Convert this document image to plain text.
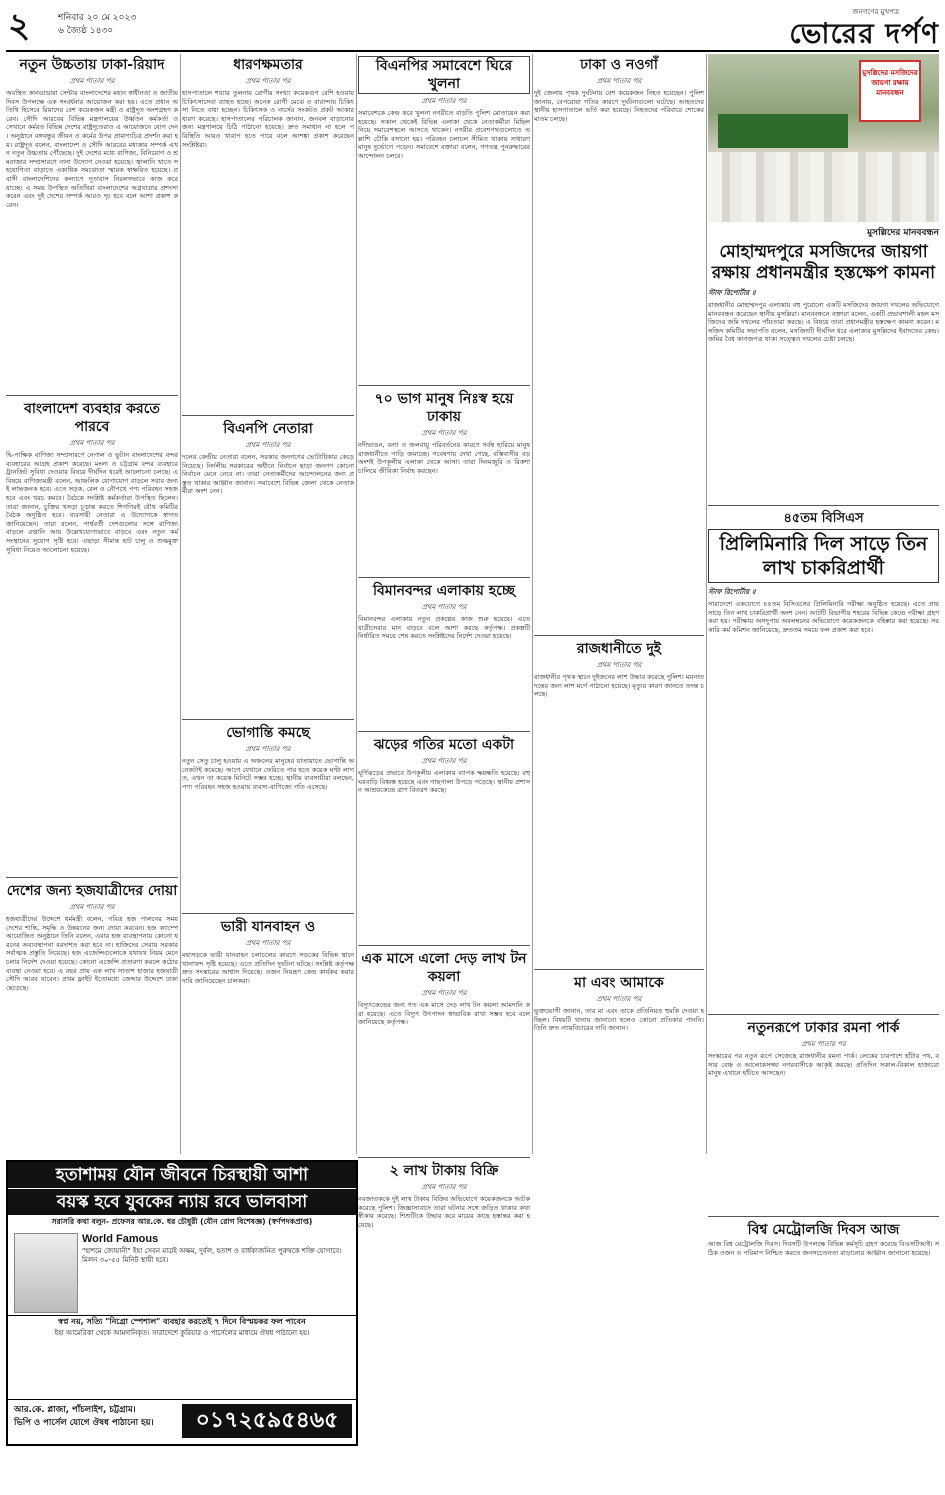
২	শনিবার ২০ মে ২০২৩
৬ জ্যৈষ্ঠ ১৪৩০
জনগণের মুখপত্র
ভোরের দর্পণ
নতুন উচ্চতায় ঢাকা-রিয়াদ
প্রথম পাতার পর
অবস্থিত কানডাডারা সেন্টার বাংলাদেশের মহান স্বাধীনতা ও জাতীয় দিবস উপলক্ষে এক সংবর্ধনার আয়োজন করা হয়। এতে প্রধান অতিথি হিসেবে রিয়াদের বেশ কয়েকজন মন্ত্রী ও রাষ্ট্রদূত অংশগ্রহণ করেন। সৌদি আরবের বিভিন্ন মন্ত্রণালয়ের উর্ধ্বতন কর্মকর্তা ও সেখানে কর্মরত বিভিন্ন দেশের রাষ্ট্রদূতেরাও এ আয়োজনে যোগ দেন। অনুষ্ঠানে বঙ্গবন্ধুর জীবন ও কর্মের উপর প্রামাণ্যচিত্র প্রদর্শন করা হয়। রাষ্ট্রদূত বলেন, বাংলাদেশ ও সৌদি আরবের মধ্যকার সম্পর্ক এখন নতুন উচ্চতায় পৌঁছেছে। দুই দেশের মধ্যে বাণিজ্য, বিনিয়োগ ও শ্রমবাজার সম্প্রসারণে নানা উদ্যোগ নেওয়া হয়েছে। জ্বালানি খাতে সহযোগিতা বাড়াতে একাধিক সমঝোতা স্মারক স্বাক্ষরিত হয়েছে। প্রবাসী বাংলাদেশিদের কল্যাণে দূতাবাস নিরলসভাবে কাজ করে যাচ্ছে। এ সময় উপস্থিত অতিথিরা বাংলাদেশের অগ্রযাত্রার প্রশংসা করেন এবং দুই দেশের সম্পর্ক আরও দৃঢ় হবে বলে আশা প্রকাশ করেন।
বাংলাদেশ ব্যবহার করতে পারবে
প্রথম পাতার পর
দ্বি-পাক্ষিক বাণিজ্য সম্প্রসারণে নেপাল ও ভুটান বাংলাদেশের বন্দর ব্যবহারের আগ্রহ প্রকাশ করেছে। মংলা ও চট্টগ্রাম বন্দর ব্যবহারে ট্রানজিট সুবিধা দেওয়ার বিষয়ে দীর্ঘদিন ধরেই আলোচনা চলছে। এ বিষয়ে বাণিজ্যমন্ত্রী বলেন, আঞ্চলিক যোগাযোগ বাড়লে সবার জন্যই লাভজনক হবে। এতে সড়ক, রেল ও নৌপথে পণ্য পরিবহন সহজ হবে এবং খরচ কমবে। বৈঠকে সংশ্লিষ্ট কর্মকর্তারা উপস্থিত ছিলেন। তারা জানান, চুক্তির খসড়া চূড়ান্ত করতে শিগগিরই যৌথ কমিটির বৈঠক অনুষ্ঠিত হবে। ব্যবসায়ী নেতারা এ উদ্যোগকে স্বাগত জানিয়েছেন। তারা বলেন, পার্শ্ববর্তী দেশগুলোর সঙ্গে বাণিজ্য বাড়লে রপ্তানি আয় উল্লেখযোগ্যভাবে বাড়বে এবং নতুন কর্মসংস্থানের সুযোগ সৃষ্টি হবে। এছাড়া সীমান্ত হাট চালু ও শুল্কমুক্ত সুবিধা নিয়েও আলোচনা হয়েছে।
দেশের জন্য হজযাত্রীদের দোয়া
প্রথম পাতার পর
হজযাত্রীদের উদ্দেশে ধর্মমন্ত্রী বলেন, পবিত্র হজ পালনের সময় দেশের শান্তি, সমৃদ্ধি ও উন্নয়নের জন্য দোয়া করবেন। হজ ক্যাম্পে আয়োজিত অনুষ্ঠানে তিনি বলেন, এবার হজ ব্যবস্থাপনায় কোনো ধরনের অব্যবস্থাপনা বরদাশত করা হবে না। হাজিদের সেবায় সরকার সর্বাত্মক প্রস্তুতি নিয়েছে। হজ এজেন্সিগুলোকে যথাযথ নিয়ম মেনে চলার নির্দেশ দেওয়া হয়েছে। কোনো এজেন্সি প্রতারণা করলে কঠোর ব্যবস্থা নেওয়া হবে। এ বছর প্রায় এক লাখ সাতাশ হাজার হজযাত্রী সৌদি আরব যাবেন। প্রথম ফ্লাইট ইতোমধ্যে জেদ্দার উদ্দেশে ঢাকা ছেড়েছে।
ধারণক্ষমতার
প্রথম পাতার পর
হাসপাতালে শয্যার তুলনায় রোগীর সংখ্যা কয়েকগুণ বেশি হওয়ায় চিকিৎসাসেবা ব্যাহত হচ্ছে। অনেক রোগী মেঝে ও বারান্দায় চিকিৎসা নিতে বাধ্য হচ্ছেন। চিকিৎসক ও নার্সের সংকটও প্রকট আকার ধারণ করেছে। হাসপাতালের পরিচালক জানান, জনবল বাড়ানোর জন্য মন্ত্রণালয়ে চিঠি পাঠানো হয়েছে। দ্রুত সমাধান না হলে পরিস্থিতি আরও খারাপ হতে পারে বলে আশঙ্কা প্রকাশ করেছেন সংশ্লিষ্টরা।
বিএনপি নেতারা
প্রথম পাতার পর
দলের কেন্দ্রীয় নেতারা বলেন, সরকার জনগণের ভোটাধিকার কেড়ে নিয়েছে। নির্দলীয় সরকারের অধীনে নির্বাচন ছাড়া জনগণ কোনো নির্বাচন মেনে নেবে না। তারা নেতাকর্মীদের আন্দোলনের জন্য প্রস্তুত থাকার আহ্বান জানান। সমাবেশে বিভিন্ন জেলা থেকে নেতাকর্মীরা অংশ নেন।
ভোগান্তি কমছে
প্রথম পাতার পর
নতুন সেতু চালু হওয়ায় এ অঞ্চলের মানুষের যাতায়াতে ভোগান্তি অনেকটাই কমেছে। আগে যেখানে ফেরিতে পার হতে কয়েক ঘণ্টা লাগত, এখন তা কয়েক মিনিটে সম্ভব হচ্ছে। স্থানীয় ব্যবসায়ীরা বলছেন, পণ্য পরিবহন সহজ হওয়ায় ব্যবসা-বাণিজ্যে গতি এসেছে।
ভারী যানবাহন ও
প্রথম পাতার পর
মহাসড়কে ভারী যানবাহন চলাচলের কারণে সড়কের বিভিন্ন স্থানে খানাখন্দ সৃষ্টি হয়েছে। এতে প্রতিদিন দুর্ঘটনা ঘটছে। সংশ্লিষ্ট কর্তৃপক্ষ দ্রুত সংস্কারের আশ্বাস দিয়েছে। ওজন নিয়ন্ত্রণ কেন্দ্র কার্যকর করার দাবি জানিয়েছেন চালকরা।
বিএনপির সমাবেশে ঘিরে খুলনা
প্রথম পাতার পর
সমাবেশকে কেন্দ্র করে খুলনা নগরীতে বাড়তি পুলিশ মোতায়েন করা হয়েছে। সকাল থেকেই বিভিন্ন এলাকা থেকে নেতাকর্মীরা মিছিল নিয়ে সমাবেশস্থলে আসতে থাকেন। নগরীর প্রবেশপথগুলোতে তল্লাশি চৌকি বসানো হয়। পরিবহন চলাচল সীমিত থাকায় সাধারণ মানুষ দুর্ভোগে পড়েন। সমাবেশে বক্তারা বলেন, গণতন্ত্র পুনরুদ্ধারের আন্দোলন চলবে।
৭০ ভাগ মানুষ নিঃস্ব হয়ে ঢাকায়
প্রথম পাতার পর
নদীভাঙন, বন্যা ও জলবায়ু পরিবর্তনের কারণে সর্বস্ব হারিয়ে মানুষ রাজধানীতে পাড়ি জমাচ্ছে। গবেষণায় দেখা গেছে, বস্তিবাসীর বড় অংশই উপকূলীয় এলাকা থেকে আসা। তারা দিনমজুরি ও রিকশা চালিয়ে জীবিকা নির্বাহ করছেন।
বিমানবন্দর এলাকায় হচ্ছে
প্রথম পাতার পর
বিমানবন্দর এলাকায় নতুন প্রকল্পের কাজ শুরু হয়েছে। এতে যাত্রীসেবার মান বাড়বে বলে আশা করছে কর্তৃপক্ষ। প্রকল্পটি নির্ধারিত সময়ে শেষ করতে সংশ্লিষ্টদের নির্দেশ দেওয়া হয়েছে।
ঝড়ের গতির মতো একটা
প্রথম পাতার পর
ঘূর্ণিঝড়ের প্রভাবে উপকূলীয় এলাকায় ব্যাপক ক্ষয়ক্ষতি হয়েছে। বহু ঘরবাড়ি বিধ্বস্ত হয়েছে এবং গাছপালা উপড়ে পড়েছে। স্থানীয় প্রশাসন আশ্রয়কেন্দ্রে ত্রাণ বিতরণ করছে।
এক মাসে এলো দেড় লাখ টন কয়লা
প্রথম পাতার পর
বিদ্যুৎকেন্দ্রের জন্য গত এক মাসে দেড় লাখ টন কয়লা আমদানি করা হয়েছে। এতে বিদ্যুৎ উৎপাদন স্বাভাবিক রাখা সম্ভব হবে বলে জানিয়েছে কর্তৃপক্ষ।
২ লাখ টাকায় বিক্রি
প্রথম পাতার পর
নবজাতককে দুই লাখ টাকায় বিক্রির অভিযোগে কয়েকজনকে আটক করেছে পুলিশ। জিজ্ঞাসাবাদে তারা ঘটনার সঙ্গে জড়িত থাকার কথা স্বীকার করেছে। শিশুটিকে উদ্ধার করে মায়ের কাছে হস্তান্তর করা হয়েছে।
ঢাকা ও নওগাঁ
প্রথম পাতার পর
দুই জেলায় পৃথক দুর্ঘটনায় বেশ কয়েকজন নিহত হয়েছেন। পুলিশ জানায়, বেপরোয়া গতির কারণে দুর্ঘটনাগুলো ঘটেছে। আহতদের স্থানীয় হাসপাতালে ভর্তি করা হয়েছে। নিহতদের পরিবারে শোকের মাতম চলছে।
রাজধানীতে দুই
প্রথম পাতার পর
রাজধানীর পৃথক স্থানে দুইজনের লাশ উদ্ধার করেছে পুলিশ। ময়নাতদন্তের জন্য লাশ মর্গে পাঠানো হয়েছে। মৃত্যুর কারণ জানতে তদন্ত চলছে।
মা এবং আমাকে
প্রথম পাতার পর
ভুক্তভোগী জানান, তার মা এবং তাকে প্রতিনিয়ত হুমকি দেওয়া হচ্ছিল। বিষয়টি থানায় জানানো হলেও কোনো প্রতিকার পাননি। তিনি দ্রুত ন্যায়বিচারের দাবি জানান।
মুসল্লিদের মসজিদের জায়গা রক্ষায় মানববন্ধন
মুসল্লিদের মানববন্ধন
মোহাম্মদপুরে মসজিদের জায়গা রক্ষায় প্রধানমন্ত্রীর হস্তক্ষেপ কামনা
স্টাফ রিপোর্টার ॥
রাজধানীর মোহাম্মদপুর এলাকায় বহু পুরোনো একটি মসজিদের জায়গা দখলের অভিযোগে মানববন্ধন করেছেন স্থানীয় মুসল্লিরা। মানববন্ধনে বক্তারা বলেন, একটি প্রভাবশালী মহল মসজিদের জমি দখলের পাঁয়তারা করছে। এ বিষয়ে তারা প্রধানমন্ত্রীর হস্তক্ষেপ কামনা করেন। মসজিদ কমিটির সভাপতি বলেন, মসজিদটি দীর্ঘদিন ধরে এলাকার মুসল্লিদের ইবাদতের কেন্দ্র। জমির বৈধ কাগজপত্র থাকা সত্ত্বেও দখলের চেষ্টা চলছে।
৪৫তম বিসিএস
প্রিলিমিনারি দিল সাড়ে তিন লাখ চাকরিপ্রার্থী
স্টাফ রিপোর্টার ॥
সারাদেশে একযোগে ৪৫তম বিসিএসের প্রিলিমিনারি পরীক্ষা অনুষ্ঠিত হয়েছে। এতে প্রায় সাড়ে তিন লাখ চাকরিপ্রার্থী অংশ নেন। আটটি বিভাগীয় শহরের বিভিন্ন কেন্দ্রে পরীক্ষা গ্রহণ করা হয়। পরীক্ষায় অসদুপায় অবলম্বনের অভিযোগে কয়েকজনকে বহিষ্কার করা হয়েছে। সরকারি কর্ম কমিশন জানিয়েছে, দ্রুততম সময়ে ফল প্রকাশ করা হবে।
নতুনরূপে ঢাকার রমনা পার্ক
প্রথম পাতার পর
সংস্কারের পর নতুন রূপে সেজেছে রাজধানীর রমনা পার্ক। লেকের চারপাশে হাঁটার পথ, বসার বেঞ্চ ও আলোকসজ্জা নগরবাসীকে আকৃষ্ট করছে। প্রতিদিন সকাল-বিকাল হাজারো মানুষ এখানে হাঁটতে আসছেন।
বিশ্ব মেট্রোলজি দিবস আজ
আজ বিশ্ব মেট্রোলজি দিবস। দিবসটি উপলক্ষে বিভিন্ন কর্মসূচি গ্রহণ করেছে বিএসটিআই। সঠিক ওজন ও পরিমাপ নিশ্চিত করতে জনসচেতনতা বাড়ানোর আহ্বান জানানো হয়েছে।
হতাশাময় যৌন জীবনে চিরস্থায়ী আশা
বয়স্ক হবে যুবকের ন্যায় রবে ভালবাসা
সরাসরি কথা বলুন- প্রফেসর আর.কে. ধর চৌধুরী (যৌন রোগ বিশেষজ্ঞ) (স্বর্ণপদকপ্রাপ্ত)
World Famous
"হাশমে জোয়ানী" ইহা সেবন মাত্রই অক্ষম, দুর্বল, হতাশ ও বার্ধক্যজনিত পুরুষকে শক্তি যোগাবে। মিলন ৩০-৫৫ মিনিট স্থায়ী হবে।
স্বপ্ন নয়, সত্যি "নিগ্রো স্পেশাল" ব্যবহার করতেই ৭ দিনে বিস্ময়কর ফল পাবেন
ইহা আমেরিকা থেকে আমদানিকৃত। সারাদেশে কুরিয়ার ও পার্সেলের মাধ্যমে ঔষধ পাঠানো হয়।
আর.কে. প্লাজা, পাঁচলাইশ, চট্টগ্রাম।
ভিপি ও পার্সেল যোগে ঔষধ পাঠানো হয়।	০১৭২৫৯৫৪৬৫
